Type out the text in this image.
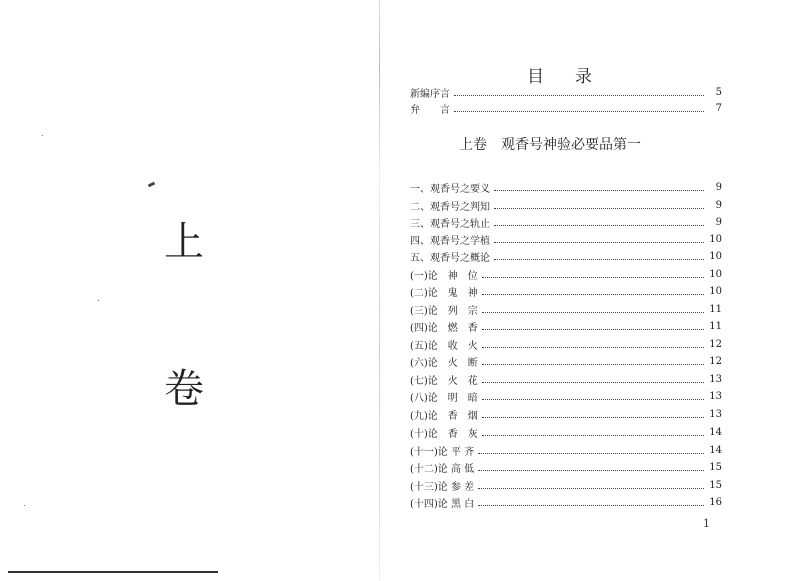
上
卷
目录
新编序言	5
弁　　言	7
上卷　观香号神验必要品第一
一、观香号之要义	9
二、观香号之判知	9
三、观香号之轨止	9
四、观香号之学植	10
五、观香号之概论	10
(一)论　神　位	10
(二)论　鬼　神	10
(三)论　列　宗	11
(四)论　燃　香	11
(五)论　收　火	12
(六)论　火　断	12
(七)论　火　花	13
(八)论　明　暗	13
(九)论　香　烟	13
(十)论　香　灰	14
(十一)论 平 齐	14
(十二)论 高 低	15
(十三)论 参 差	15
(十四)论 黑 白	16
1
